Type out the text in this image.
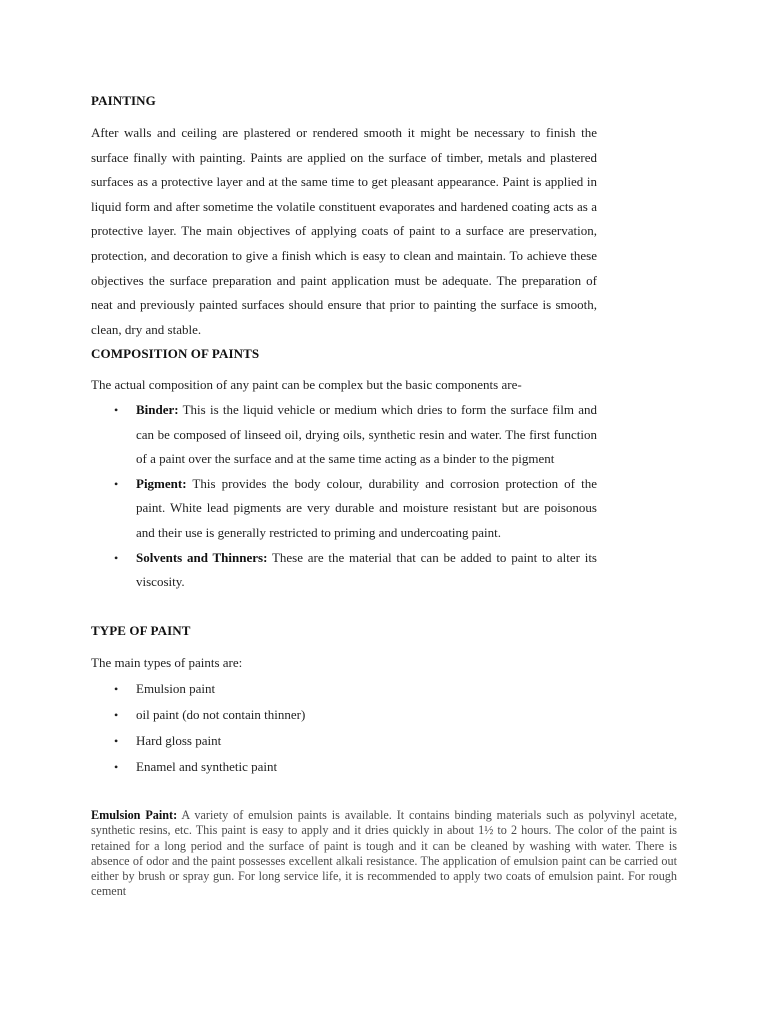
PAINTING

After walls and ceiling are plastered or rendered smooth it might be necessary to finish the surface finally with painting. Paints are applied on the surface of timber, metals and plastered surfaces as a protective layer and at the same time to get pleasant appearance. Paint is applied in liquid form and after sometime the volatile constituent evaporates and hardened coating acts as a protective layer. The main objectives of applying coats of paint to a surface are preservation, protection, and decoration to give a finish which is easy to clean and maintain. To achieve these objectives the surface preparation and paint application must be adequate. The preparation of neat and previously painted surfaces should ensure that prior to painting the surface is smooth, clean, dry and stable.

COMPOSITION OF PAINTS
The actual composition of any paint can be complex but the basic components are-
• Binder: This is the liquid vehicle or medium which dries to form the surface film and can be composed of linseed oil, drying oils, synthetic resin and water. The first function of a paint over the surface and at the same time acting as a binder to the pigment
• Pigment: This provides the body colour, durability and corrosion protection of the paint. White lead pigments are very durable and moisture resistant but are poisonous and their use is generally restricted to priming and undercoating paint.
• Solvents and Thinners: These are the material that can be added to paint to alter its viscosity.
TYPE OF PAINT
The main types of paints are:
• Emulsion paint
• oil paint (do not contain thinner)
• Hard gloss paint
• Enamel and synthetic paint

Emulsion Paint: A variety of emulsion paints is available. It contains binding materials such as polyvinyl acetate, synthetic resins, etc. This paint is easy to apply and it dries quickly in about 1½ to 2 hours. The color of the paint is retained for a long period and the surface of paint is tough and it can be cleaned by washing with water. There is absence of odor and the paint possesses excellent alkali resistance. The application of emulsion paint can be carried out either by brush or spray gun. For long service life, it is recommended to apply two coats of emulsion paint. For rough cement
